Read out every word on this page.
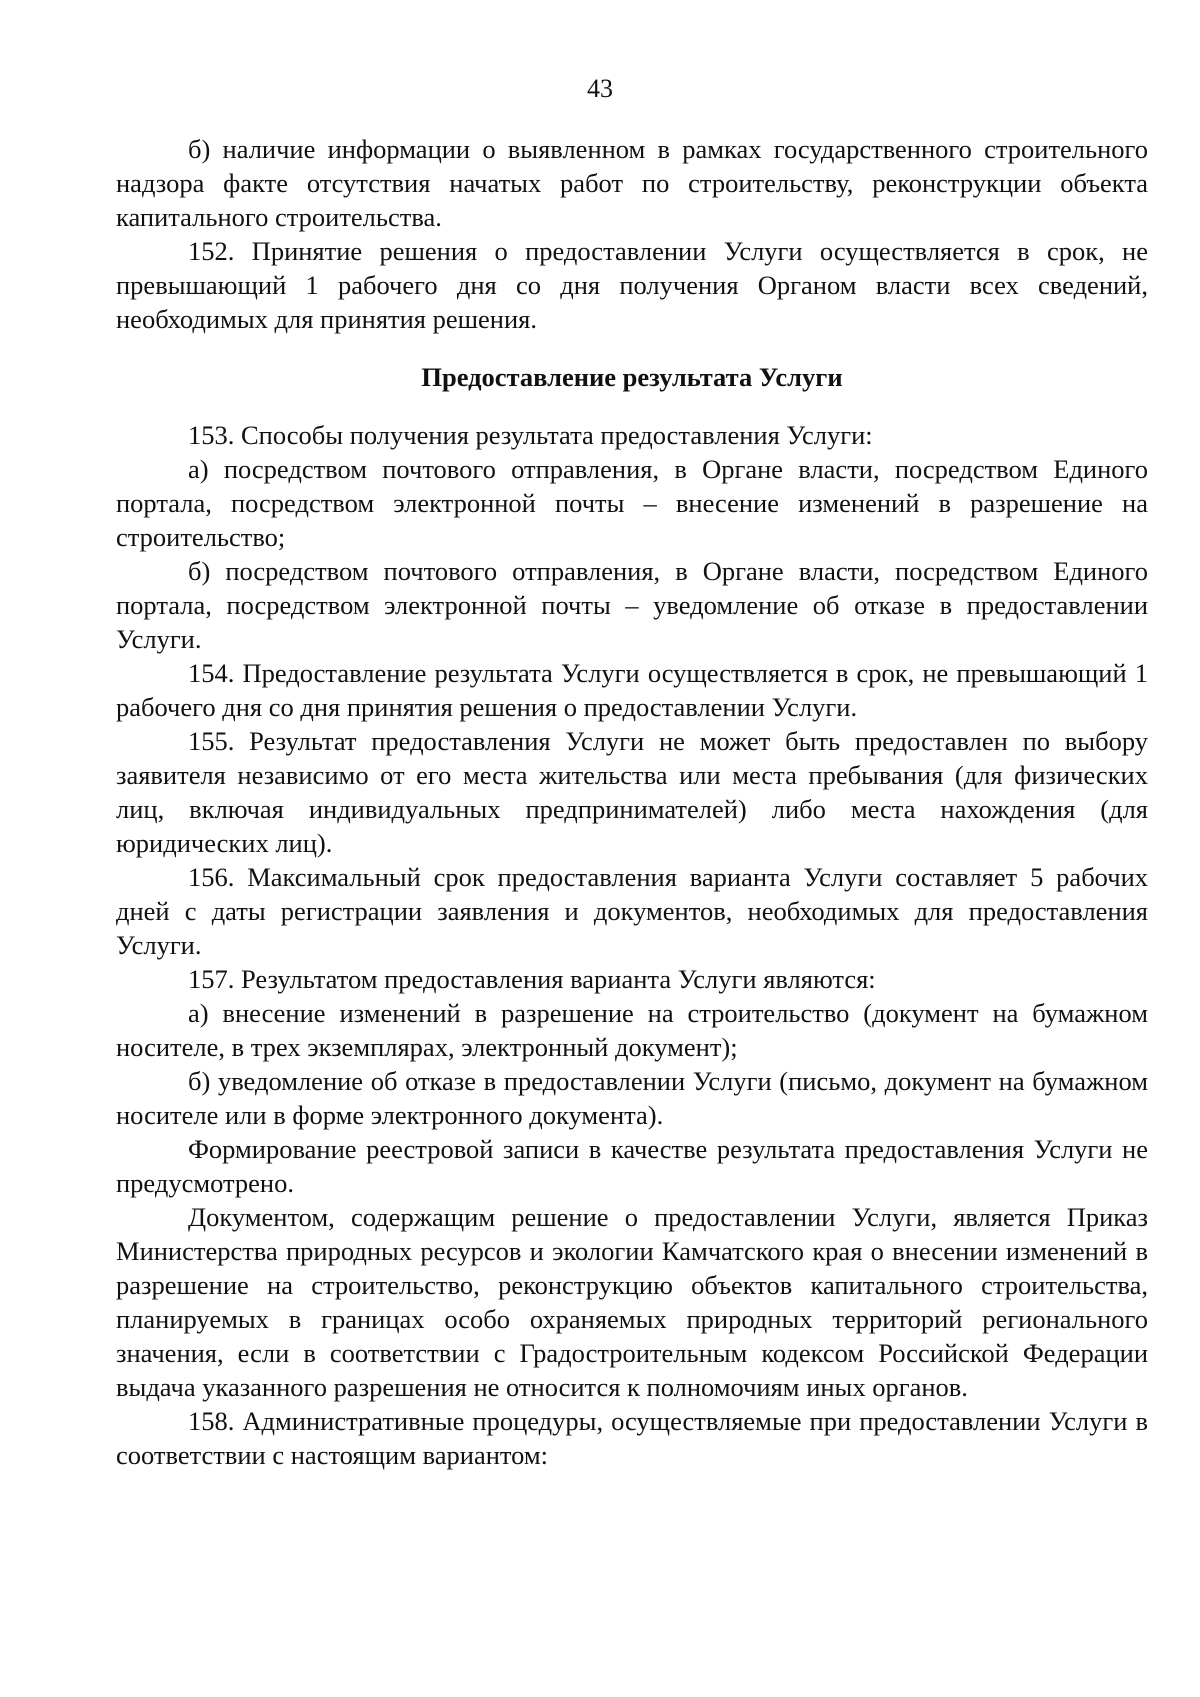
43

б) наличие информации о выявленном в рамках государственного строительного надзора факте отсутствия начатых работ по строительству, реконструкции объекта капитального строительства.

152. Принятие решения о предоставлении Услуги осуществляется в срок, не превышающий 1 рабочего дня со дня получения Органом власти всех сведений, необходимых для принятия решения.

Предоставление результата Услуги

153. Способы получения результата предоставления Услуги:

а) посредством почтового отправления, в Органе власти, посредством Единого портала, посредством электронной почты – внесение изменений в разрешение на строительство;

б) посредством почтового отправления, в Органе власти, посредством Единого портала, посредством электронной почты – уведомление об отказе в предоставлении Услуги.

154. Предоставление результата Услуги осуществляется в срок, не превышающий 1 рабочего дня со дня принятия решения о предоставлении Услуги.

155. Результат предоставления Услуги не может быть предоставлен по выбору заявителя независимо от его места жительства или места пребывания (для физических лиц, включая индивидуальных предпринимателей) либо места нахождения (для юридических лиц).

156. Максимальный срок предоставления варианта Услуги составляет 5 рабочих дней с даты регистрации заявления и документов, необходимых для предоставления Услуги.

157. Результатом предоставления варианта Услуги являются:

а) внесение изменений в разрешение на строительство (документ на бумажном носителе, в трех экземплярах, электронный документ);

б) уведомление об отказе в предоставлении Услуги (письмо, документ на бумажном носителе или в форме электронного документа).

Формирование реестровой записи в качестве результата предоставления Услуги не предусмотрено.

Документом, содержащим решение о предоставлении Услуги, является Приказ Министерства природных ресурсов и экологии Камчатского края о внесении изменений в разрешение на строительство, реконструкцию объектов капитального строительства, планируемых в границах особо охраняемых природных территорий регионального значения, если в соответствии с Градостроительным кодексом Российской Федерации выдача указанного разрешения не относится к полномочиям иных органов.

158. Административные процедуры, осуществляемые при предоставлении Услуги в соответствии с настоящим вариантом:
